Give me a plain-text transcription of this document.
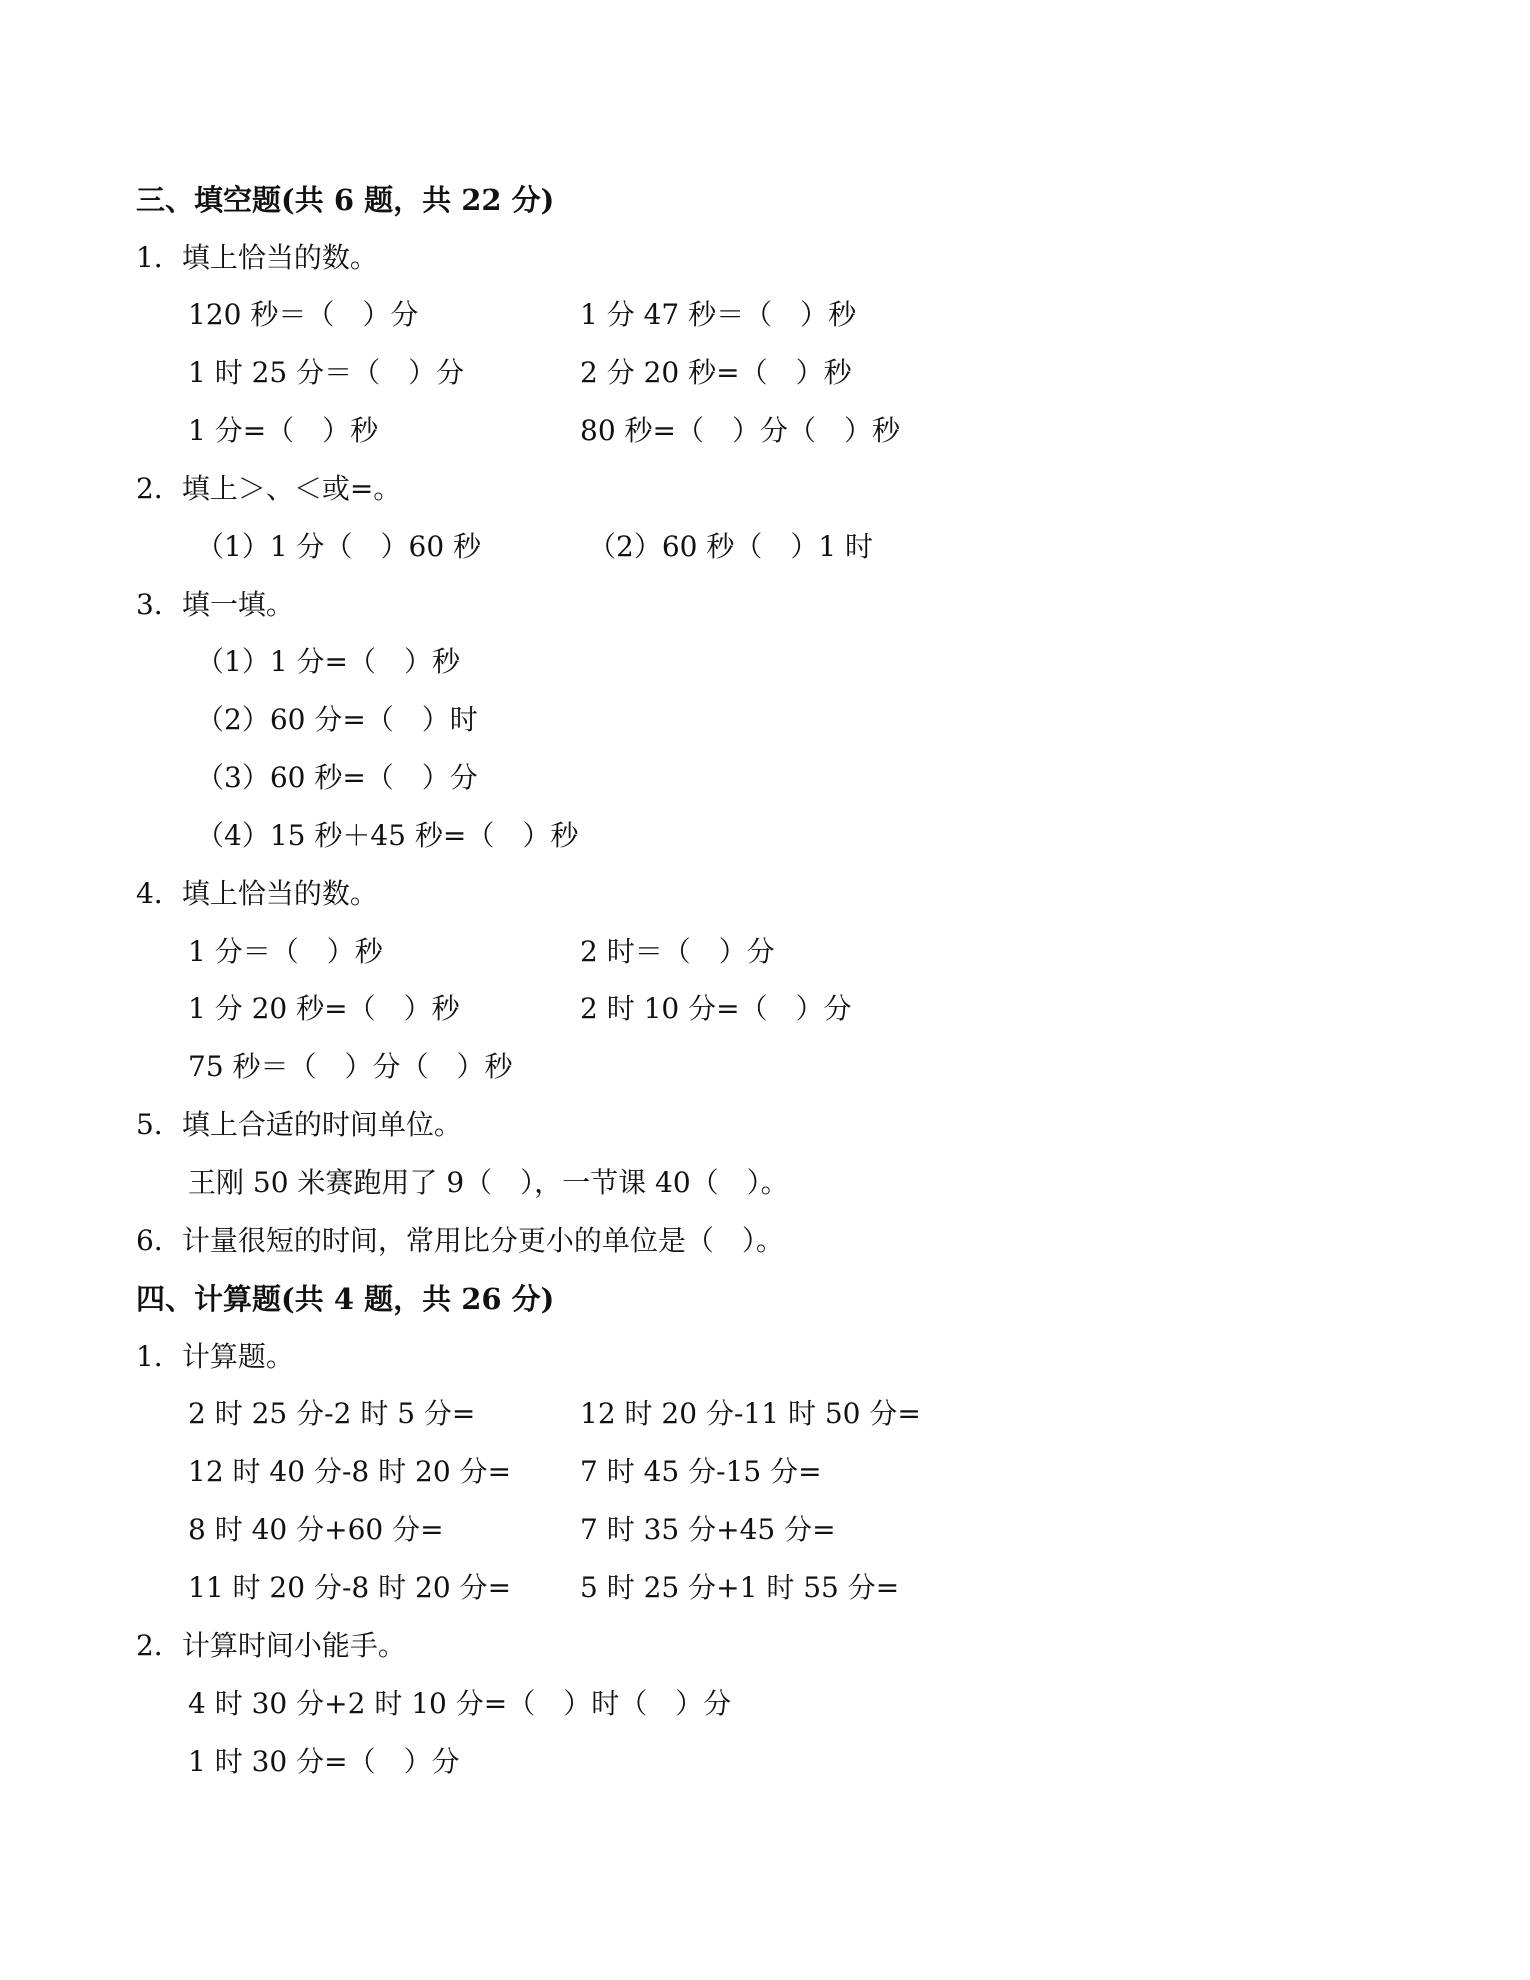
三、填空题(共 6 题，共 22 分)
1．填上恰当的数。
120 秒＝（　）分	1 分 47 秒＝（　）秒
1 时 25 分＝（　）分	2 分 20 秒=（　）秒
1 分=（　）秒	80 秒=（　）分（　）秒
2．填上＞、＜或=。
（1）1 分（　）60 秒	（2）60 秒（　）1 时
3．填一填。
（1）1 分=（　）秒
（2）60 分=（　）时
（3）60 秒=（　）分
（4）15 秒＋45 秒=（　）秒
4．填上恰当的数。
1 分＝（　）秒	2 时＝（　）分
1 分 20 秒=（　）秒	2 时 10 分=（　）分
75 秒＝（　）分（　）秒
5．填上合适的时间单位。
王刚 50 米赛跑用了 9（　），一节课 40（　）。
6．计量很短的时间，常用比分更小的单位是（　）。
四、计算题(共 4 题，共 26 分)
1．计算题。
2 时 25 分-2 时 5 分=	12 时 20 分-11 时 50 分=
12 时 40 分-8 时 20 分= 7 时 45 分-15 分=
8 时 40 分+60 分=	7 时 35 分+45 分=
11 时 20 分-8 时 20 分= 5 时 25 分+1 时 55 分=
2．计算时间小能手。
4 时 30 分+2 时 10 分=（　）时（　）分
1 时 30 分=（　）分
